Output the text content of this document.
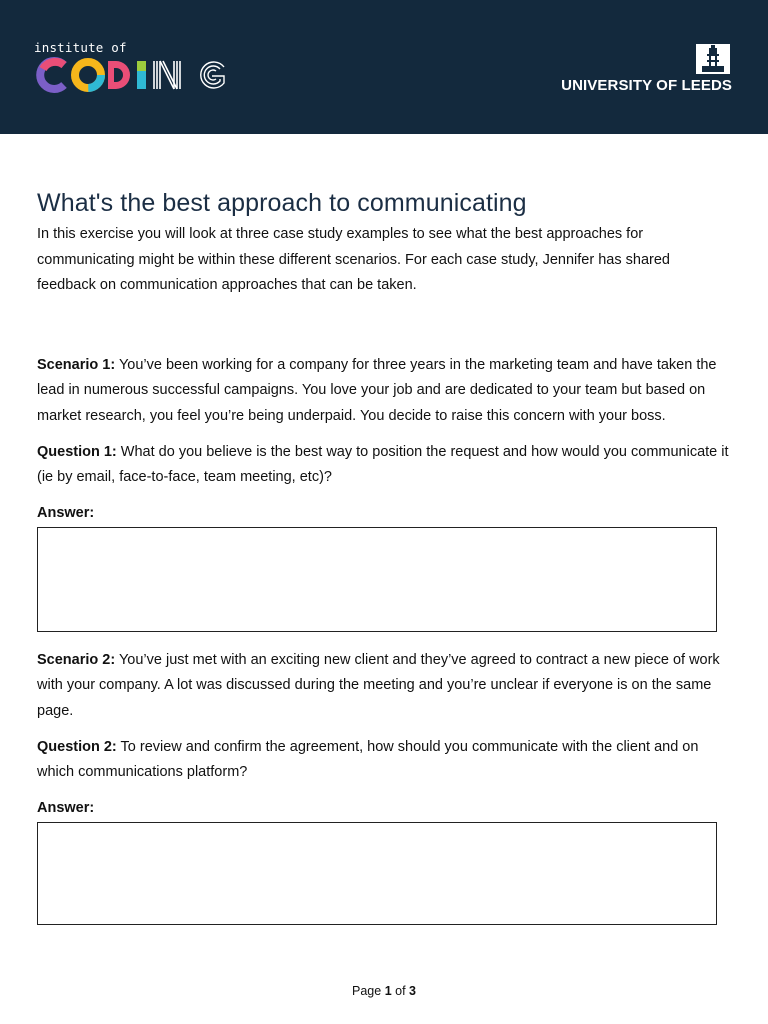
institute of
UNIVERSITY OF LEEDS
What's the best approach to communicating

In this exercise you will look at three case study examples to see what the best approaches for communicating might be within these different scenarios. For each case study, Jennifer has shared feedback on communication approaches that can be taken.

Scenario 1: You’ve been working for a company for three years in the marketing team and have taken the lead in numerous successful campaigns. You love your job and are dedicated to your team but based on market research, you feel you’re being underpaid. You decide to raise this concern with your boss.

Question 1: What do you believe is the best way to position the request and how would you communicate it (ie by email, face-to-face, team meeting, etc)?

Answer:

Scenario 2: You’ve just met with an exciting new client and they’ve agreed to contract a new piece of work with your company. A lot was discussed during the meeting and you’re unclear if everyone is on the same page.

Question 2: To review and confirm the agreement, how should you communicate with the client and on which communications platform?

Answer:
Page 1 of 3
